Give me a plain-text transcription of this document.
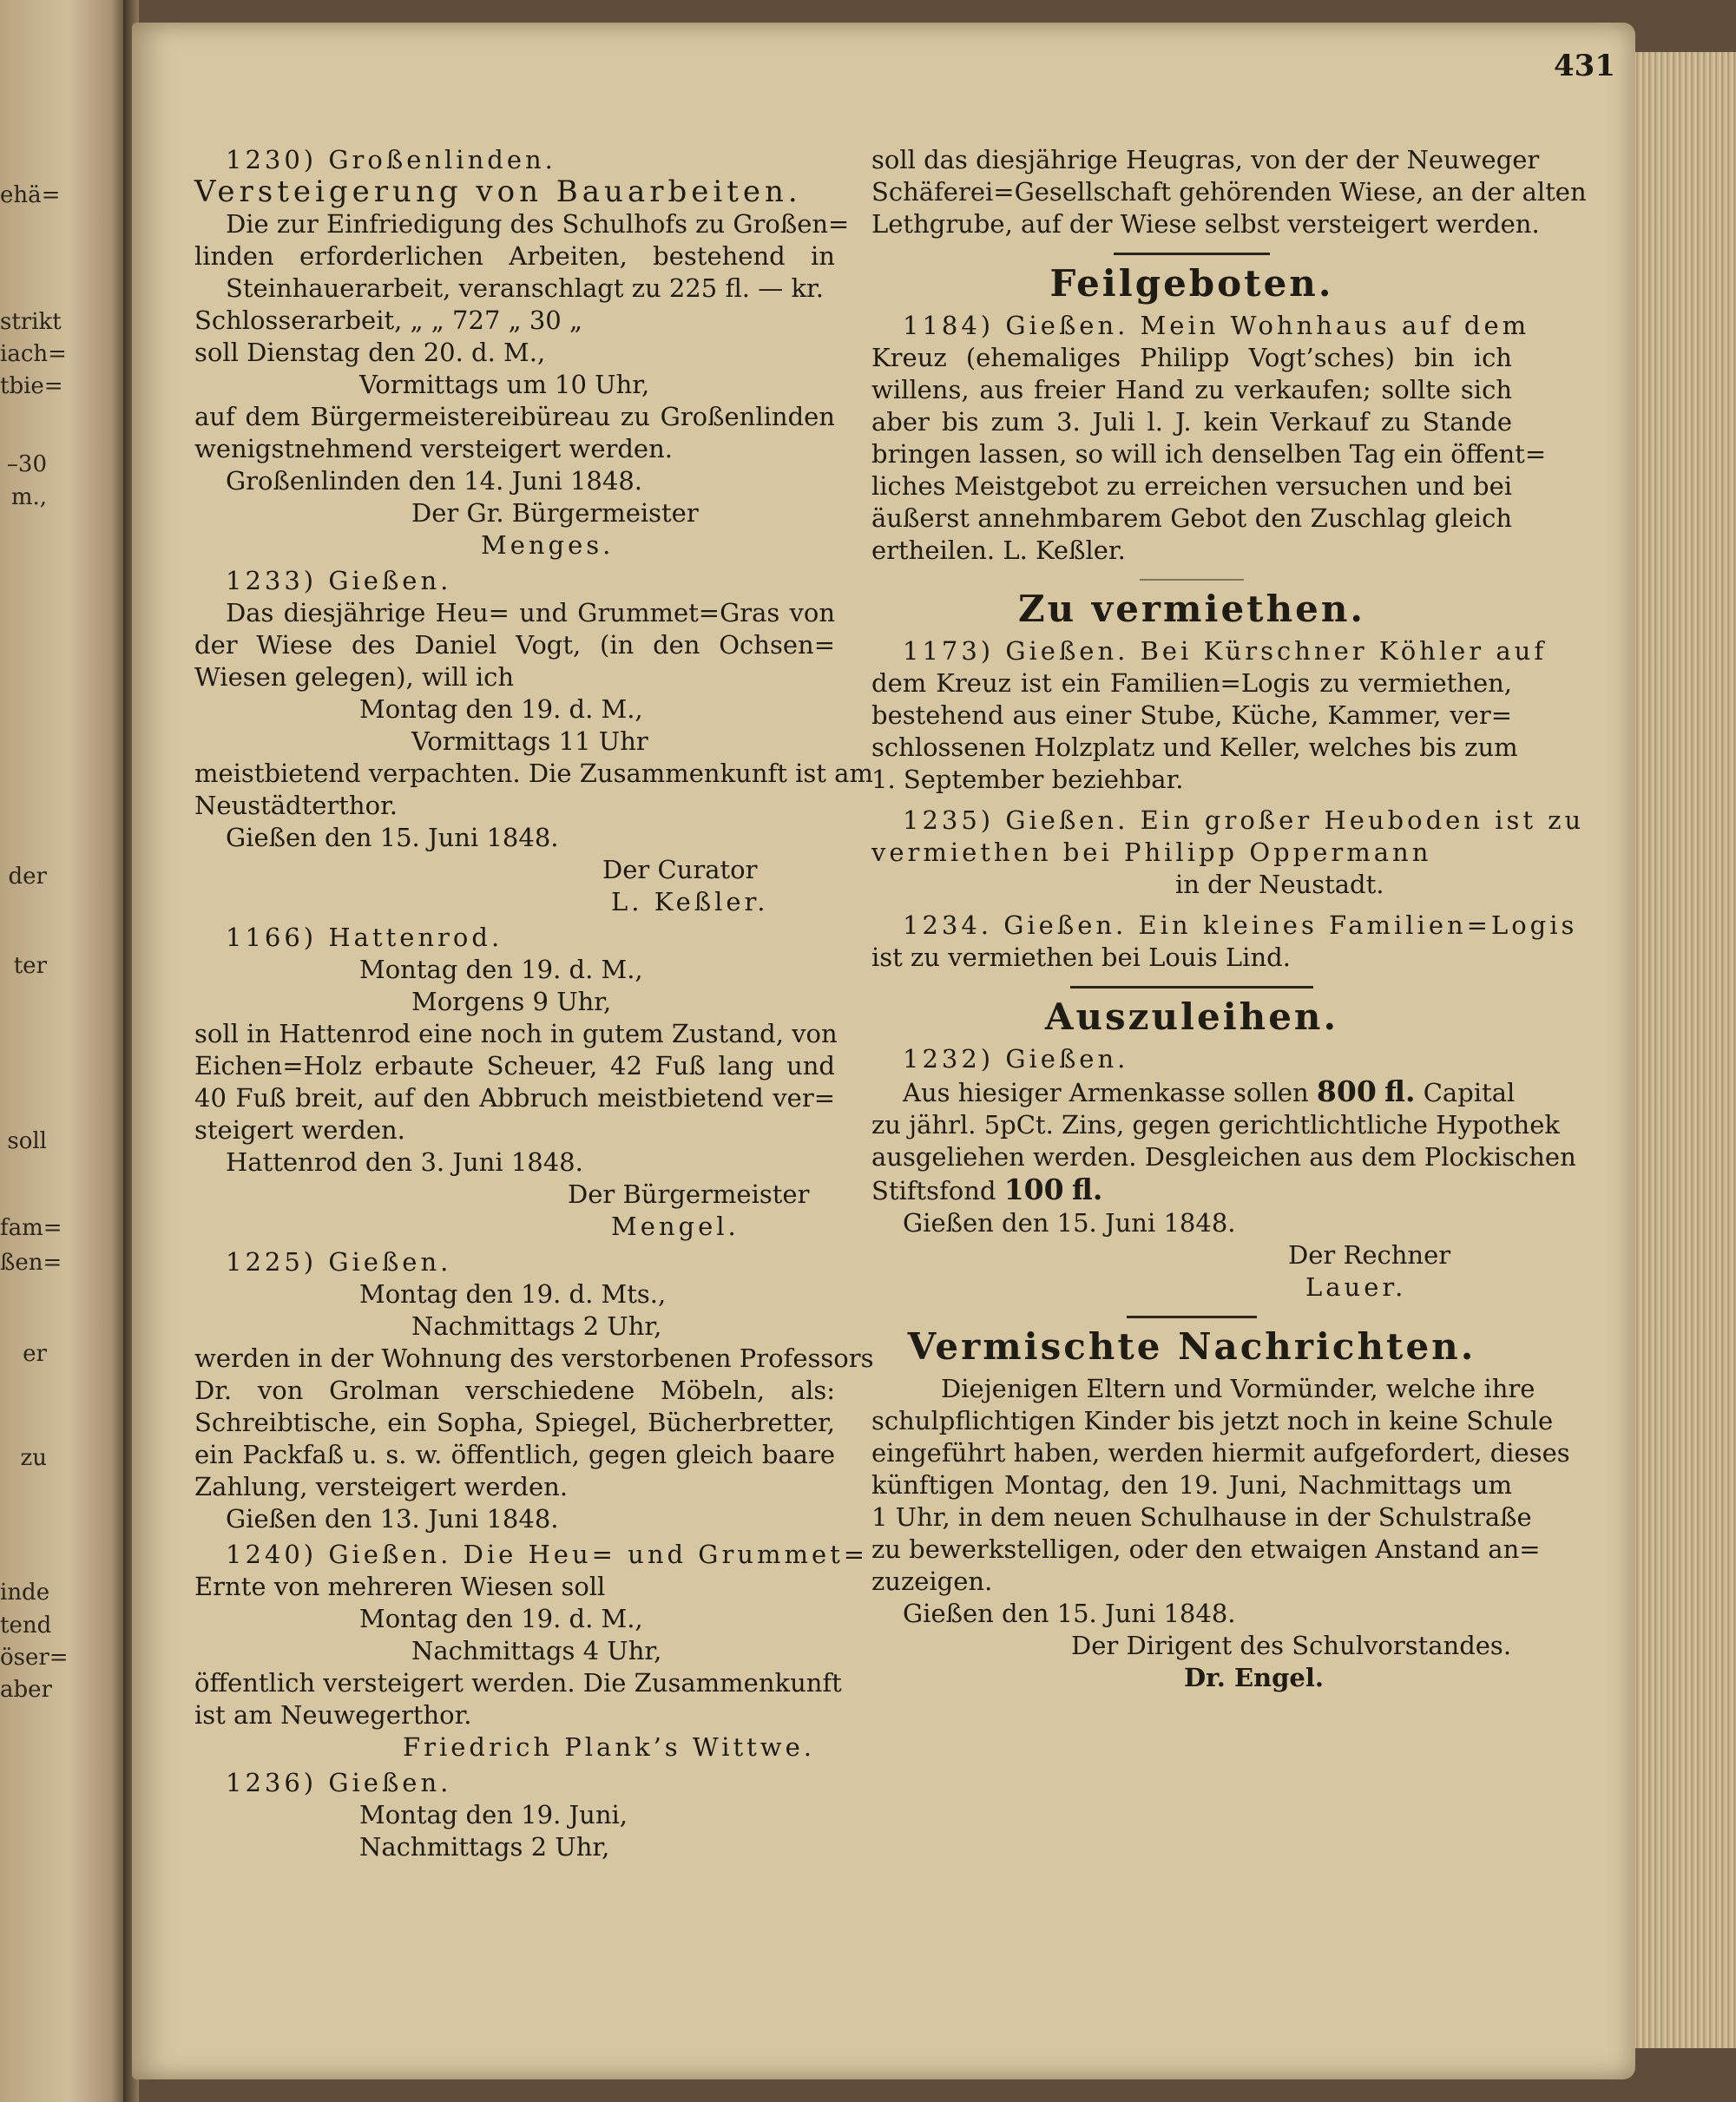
ehä=
strikt
iach=
tbie=
–30
m.,
der
ter
soll
fam=
ßen=
er
zu
inde
tend
öser=
aber
431
1230) Großenlinden.
Versteigerung von Bauarbeiten.
Die zur Einfriedigung des Schulhofs zu Großen=
linden erforderlichen Arbeiten, bestehend in
Steinhauerarbeit, veranschlagt zu 225 fl. — kr.
Schlosserarbeit, „ „ 727 „ 30 „
soll Dienstag den 20. d. M.,
Vormittags um 10 Uhr,
auf dem Bürgermeistereibüreau zu Großenlinden
wenigstnehmend versteigert werden.
Großenlinden den 14. Juni 1848.
Der Gr. Bürgermeister
Menges.
1233) Gießen.
Das diesjährige Heu= und Grummet=Gras von
der Wiese des Daniel Vogt, (in den Ochsen=
Wiesen gelegen), will ich
Montag den 19. d. M.,
Vormittags 11 Uhr
meistbietend verpachten. Die Zusammenkunft ist am
Neustädterthor.
Gießen den 15. Juni 1848.
Der Curator
L. Keßler.
1166) Hattenrod.
Montag den 19. d. M.,
Morgens 9 Uhr,
soll in Hattenrod eine noch in gutem Zustand, von
Eichen=Holz erbaute Scheuer, 42 Fuß lang und
40 Fuß breit, auf den Abbruch meistbietend ver=
steigert werden.
Hattenrod den 3. Juni 1848.
Der Bürgermeister
Mengel.
1225) Gießen.
Montag den 19. d. Mts.,
Nachmittags 2 Uhr,
werden in der Wohnung des verstorbenen Professors
Dr. von Grolman verschiedene Möbeln, als:
Schreibtische, ein Sopha, Spiegel, Bücherbretter,
ein Packfaß u. s. w. öffentlich, gegen gleich baare
Zahlung, versteigert werden.
Gießen den 13. Juni 1848.
1240) Gießen. Die Heu= und Grummet=
Ernte von mehreren Wiesen soll
Montag den 19. d. M.,
Nachmittags 4 Uhr,
öffentlich versteigert werden. Die Zusammenkunft
ist am Neuwegerthor.
Friedrich Plank’s Wittwe.
1236) Gießen.
Montag den 19. Juni,
Nachmittags 2 Uhr,
soll das diesjährige Heugras, von der der Neuweger
Schäferei=Gesellschaft gehörenden Wiese, an der alten
Lethgrube, auf der Wiese selbst versteigert werden.
Feilgeboten.
1184) Gießen. Mein Wohnhaus auf dem
Kreuz (ehemaliges Philipp Vogt’sches) bin ich
willens, aus freier Hand zu verkaufen; sollte sich
aber bis zum 3. Juli l. J. kein Verkauf zu Stande
bringen lassen, so will ich denselben Tag ein öffent=
liches Meistgebot zu erreichen versuchen und bei
äußerst annehmbarem Gebot den Zuschlag gleich
ertheilen. L. Keßler.
Zu vermiethen.
1173) Gießen. Bei Kürschner Köhler auf
dem Kreuz ist ein Familien=Logis zu vermiethen,
bestehend aus einer Stube, Küche, Kammer, ver=
schlossenen Holzplatz und Keller, welches bis zum
1. September beziehbar.
1235) Gießen. Ein großer Heuboden ist zu
vermiethen bei Philipp Oppermann
in der Neustadt.
1234. Gießen. Ein kleines Familien=Logis
ist zu vermiethen bei Louis Lind.
Auszuleihen.
1232) Gießen.
Aus hiesiger Armenkasse sollen 800 fl. Capital
zu jährl. 5pCt. Zins, gegen gerichtlichtliche Hypothek
ausgeliehen werden. Desgleichen aus dem Plockischen
Stiftsfond 100 fl.
Gießen den 15. Juni 1848.
Der Rechner
Lauer.
Vermischte Nachrichten.
Diejenigen Eltern und Vormünder, welche ihre
schulpflichtigen Kinder bis jetzt noch in keine Schule
eingeführt haben, werden hiermit aufgefordert, dieses
künftigen Montag, den 19. Juni, Nachmittags um
1 Uhr, in dem neuen Schulhause in der Schulstraße
zu bewerkstelligen, oder den etwaigen Anstand an=
zuzeigen.
Gießen den 15. Juni 1848.
Der Dirigent des Schulvorstandes.
Dr. Engel.
